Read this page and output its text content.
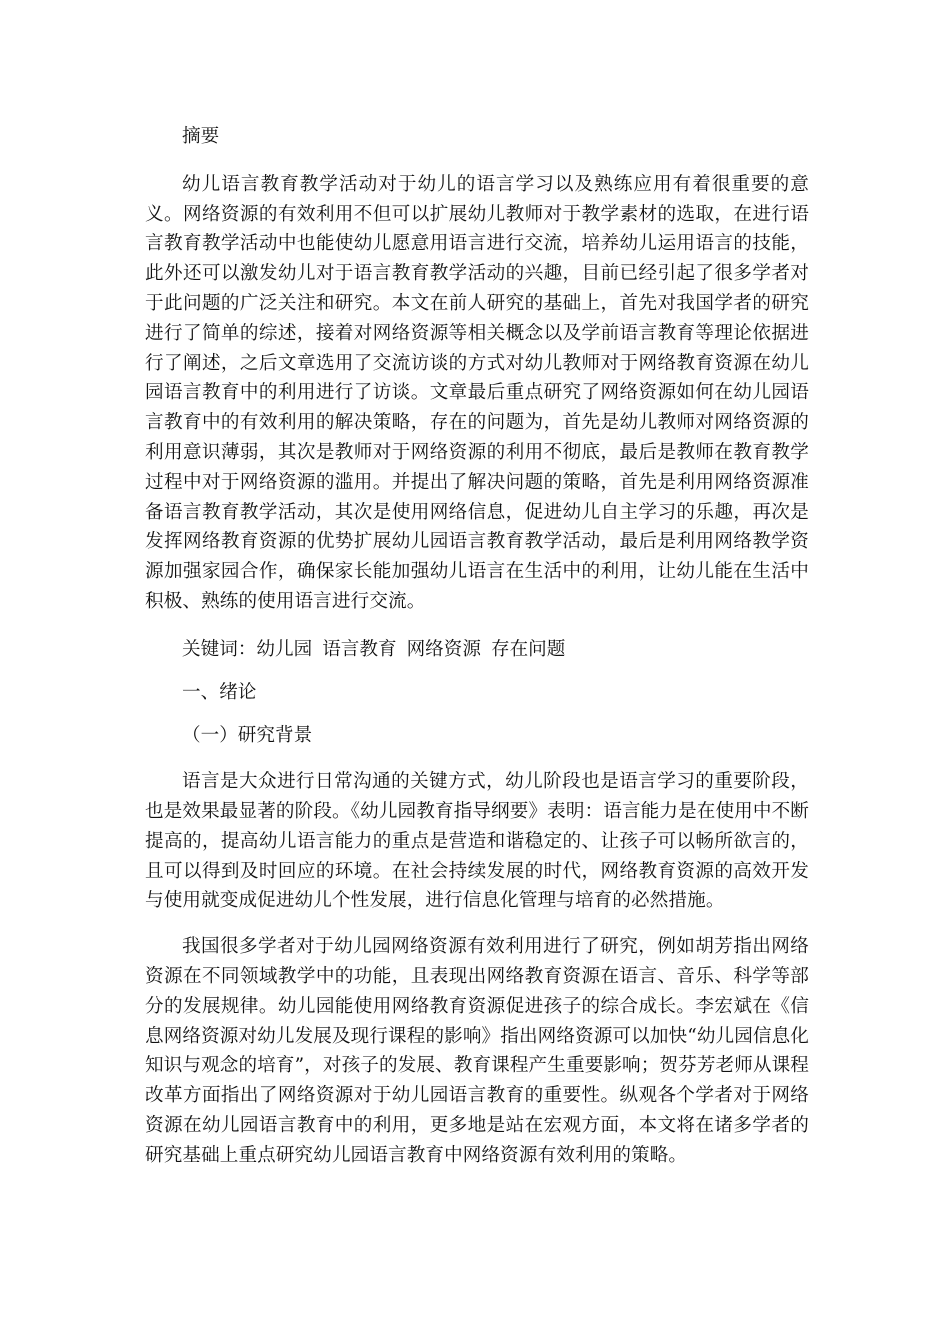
摘要

幼儿语言教育教学活动对于幼儿的语言学习以及熟练应用有着很重要的意义。网络资源的有效利用不但可以扩展幼儿教师对于教学素材的选取，在进行语言教育教学活动中也能使幼儿愿意用语言进行交流，培养幼儿运用语言的技能，此外还可以激发幼儿对于语言教育教学活动的兴趣，目前已经引起了很多学者对于此问题的广泛关注和研究。本文在前人研究的基础上，首先对我国学者的研究进行了简单的综述，接着对网络资源等相关概念以及学前语言教育等理论依据进行了阐述，之后文章选用了交流访谈的方式对幼儿教师对于网络教育资源在幼儿园语言教育中的利用进行了访谈。文章最后重点研究了网络资源如何在幼儿园语言教育中的有效利用的解决策略，存在的问题为，首先是幼儿教师对网络资源的利用意识薄弱，其次是教师对于网络资源的利用不彻底，最后是教师在教育教学过程中对于网络资源的滥用。并提出了解决问题的策略，首先是利用网络资源准备语言教育教学活动，其次是使用网络信息，促进幼儿自主学习的乐趣，再次是发挥网络教育资源的优势扩展幼儿园语言教育教学活动，最后是利用网络教学资源加强家园合作，确保家长能加强幼儿语言在生活中的利用，让幼儿能在生活中积极、熟练的使用语言进行交流。

关键词：幼儿园 语言教育 网络资源 存在问题

一、绪论

（一）研究背景

语言是大众进行日常沟通的关键方式，幼儿阶段也是语言学习的重要阶段，也是效果最显著的阶段。《幼儿园教育指导纲要》表明：语言能力是在使用中不断提高的，提高幼儿语言能力的重点是营造和谐稳定的、让孩子可以畅所欲言的，且可以得到及时回应的环境。在社会持续发展的时代，网络教育资源的高效开发与使用就变成促进幼儿个性发展，进行信息化管理与培育的必然措施。

我国很多学者对于幼儿园网络资源有效利用进行了研究，例如胡芳指出网络资源在不同领域教学中的功能，且表现出网络教育资源在语言、音乐、科学等部分的发展规律。幼儿园能使用网络教育资源促进孩子的综合成长。李宏斌在《信息网络资源对幼儿发展及现行课程的影响》指出网络资源可以加快“幼儿园信息化知识与观念的培育”，对孩子的发展、教育课程产生重要影响；贺芬芳老师从课程改革方面指出了网络资源对于幼儿园语言教育的重要性。纵观各个学者对于网络资源在幼儿园语言教育中的利用，更多地是站在宏观方面，本文将在诸多学者的研究基础上重点研究幼儿园语言教育中网络资源有效利用的策略。
